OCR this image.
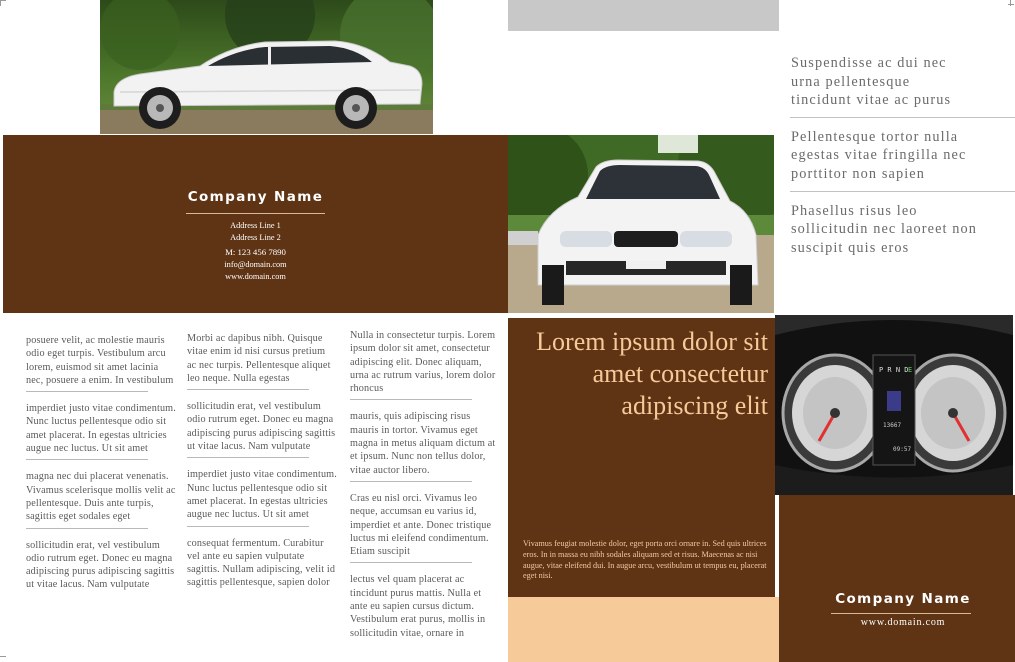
Suspendisse ac dui nec urna pellentesque tincidunt vitae ac purus
Pellentesque tortor nulla egestas vitae fringilla nec porttitor non sapien
Phasellus risus leo sollicitudin nec laoreet non suscipit quis eros
Company Name
Address Line 1
Address Line 2
M: 123 456 7890
info@domain.com
www.domain.com
P R N D E
13667
09:57
Lorem ipsum dolor sit amet consectetur adipiscing elit
Vivamus feugiat molestie dolor, eget porta orci ornare in. Sed quis ultrices eros. In in massa eu nibh sodales aliquam sed et risus. Maecenas ac nisi augue, vitae eleifend dui. In augue arcu, vestibulum ut tempus eu, placerat eget nisi.
Company Name
www.domain.com

posuere velit, ac molestie mauris odio eget turpis. Vestibulum arcu lorem, euismod sit amet lacinia nec, posuere a enim. In vestibulum

imperdiet justo vitae condimentum. Nunc luctus pellentesque odio sit amet placerat. In egestas ultricies augue nec luctus. Ut sit amet

magna nec dui placerat venenatis. Vivamus scelerisque mollis velit ac pellentesque. Duis ante turpis, sagittis eget sodales eget

sollicitudin erat, vel vestibulum odio rutrum eget. Donec eu magna adipiscing purus adipiscing sagittis ut vitae lacus. Nam vulputate

Morbi ac dapibus nibh. Quisque vitae enim id nisi cursus pretium ac nec turpis. Pellentesque aliquet leo neque. Nulla egestas

sollicitudin erat, vel vestibulum odio rutrum eget. Donec eu magna adipiscing purus adipiscing sagittis ut vitae lacus. Nam vulputate

imperdiet justo vitae condimentum. Nunc luctus pellentesque odio sit amet placerat. In egestas ultricies augue nec luctus. Ut sit amet

consequat fermentum. Curabitur vel ante eu sapien vulputate sagittis. Nullam adipiscing, velit id sagittis pellentesque, sapien dolor

Nulla in consectetur turpis. Lorem ipsum dolor sit amet, consectetur adipiscing elit. Donec aliquam, urna ac rutrum varius, lorem dolor rhoncus

mauris, quis adipiscing risus mauris in tortor. Vivamus eget magna in metus aliquam dictum at et ipsum. Nunc non tellus dolor, vitae auctor libero.

Cras eu nisl orci. Vivamus leo neque, accumsan eu varius id, imperdiet et ante. Donec tristique luctus mi eleifend condimentum. Etiam suscipit

lectus vel quam placerat ac tincidunt purus mattis. Nulla et ante eu sapien cursus dictum. Vestibulum erat purus, mollis in sollicitudin vitae, ornare in
